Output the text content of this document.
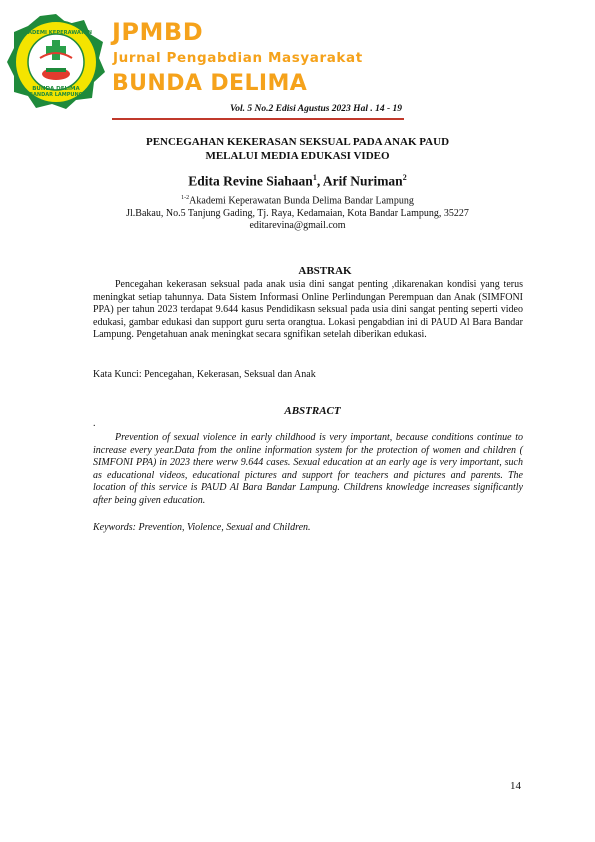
AKADEMI KEPERAWATAN
BUNDA DELIMA
BANDAR LAMPUNG
JPMBD
Jurnal Pengabdian Masyarakat
BUNDA DELIMA
Vol. 5 No.2 Edisi Agustus 2023 Hal . 14 - 19
PENCEGAHAN KEKERASAN SEKSUAL PADA ANAK PAUD
MELALUI MEDIA EDUKASI VIDEO
Edita Revine Siahaan$^1$, Arif Nuriman$^2$
$^{1-2}$Akademi Keperawatan Bunda Delima Bandar Lampung
Jl.Bakau, No.5 Tanjung Gading, Tj. Raya, Kedamaian, Kota Bandar Lampung, 35227
editarevina@gmail.com
ABSTRAK
Pencegahan kekerasan seksual pada anak usia dini sangat penting ,dikarenakan kondisi yang terus meningkat setiap tahunnya. Data Sistem Informasi Online Perlindungan Perempuan dan Anak (SIMFONI PPA) per tahun 2023 terdapat 9.644 kasus Pendidikasn seksual pada usia dini sangat penting seperti video edukasi, gambar edukasi dan support guru serta orangtua. Lokasi pengabdian ini di PAUD Al Bara Bandar Lampung. Pengetahuan anak meningkat secara sgnifikan setelah diberikan edukasi.
Kata Kunci: Pencegahan, Kekerasan, Seksual dan Anak
ABSTRACT
.
Prevention of sexual violence in early childhood is very important, because conditions continue to increase every year.Data from the online information system for the protection of women and children ( SIMFONI PPA) in 2023 there werw 9.644 cases. Sexual education at an early age is very important, such as educational videos, educational pictures and support for teachers and pictures and parents. The location of this service is PAUD Al Bara Bandar Lampung. Childrens knowledge increases significantly after being given education.
Keywords: Prevention, Violence, Sexual and Children.
14
